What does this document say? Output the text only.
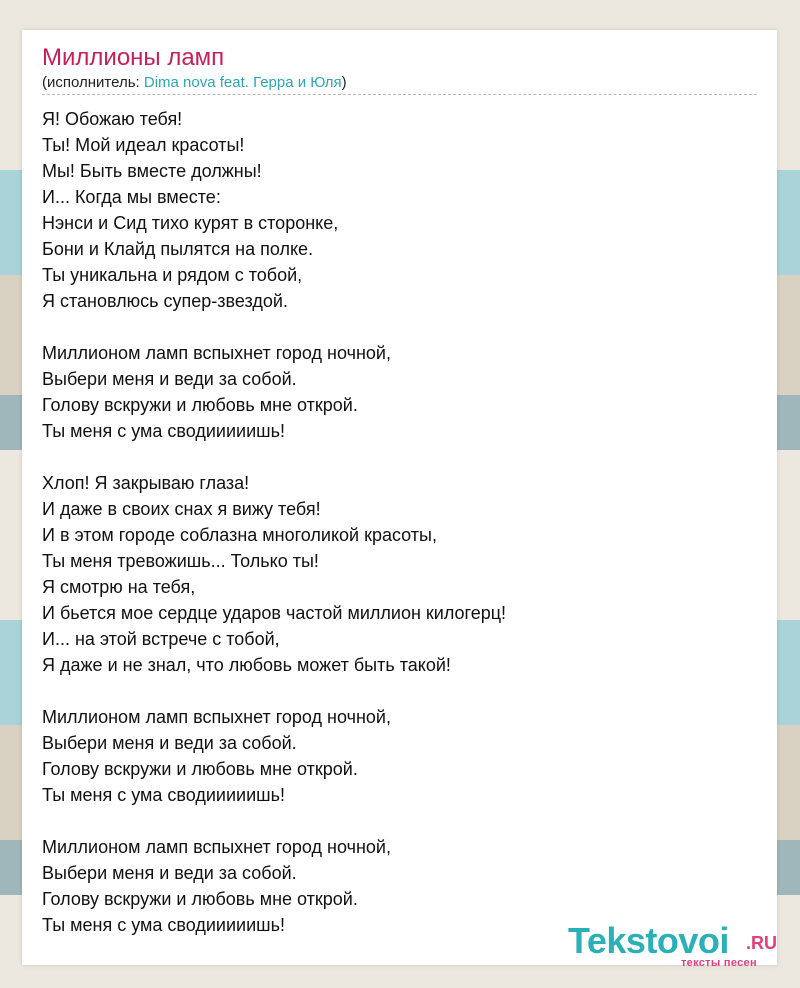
Миллионы ламп
(исполнитель: Dima nova feat. Герра и Юля)
Я! Обожаю тебя!
Ты! Мой идеал красоты!
Мы! Быть вместе должны!
И... Когда мы вместе:
Нэнси и Сид тихо курят в сторонке,
Бони и Клайд пылятся на полке.
Ты уникальна и рядом с тобой,
Я становлюсь супер-звездой.
Миллионом ламп вспыхнет город ночной,
Выбери меня и веди за собой.
Голову вскружи и любовь мне открой.
Ты меня с ума сводииииишь!
Хлоп! Я закрываю глаза!
И даже в своих снах я вижу тебя!
И в этом городе соблазна многоликой красоты,
Ты меня тревожишь... Только ты!
Я смотрю на тебя,
И бьется мое сердце ударов частой миллион килогерц!
И... на этой встрече с тобой,
Я даже и не знал, что любовь может быть такой!
Миллионом ламп вспыхнет город ночной,
Выбери меня и веди за собой.
Голову вскружи и любовь мне открой.
Ты меня с ума сводииииишь!
Миллионом ламп вспыхнет город ночной,
Выбери меня и веди за собой.
Голову вскружи и любовь мне открой.
Ты меня с ума сводииииишь!	Tekstovoi .RU
тексты песен
